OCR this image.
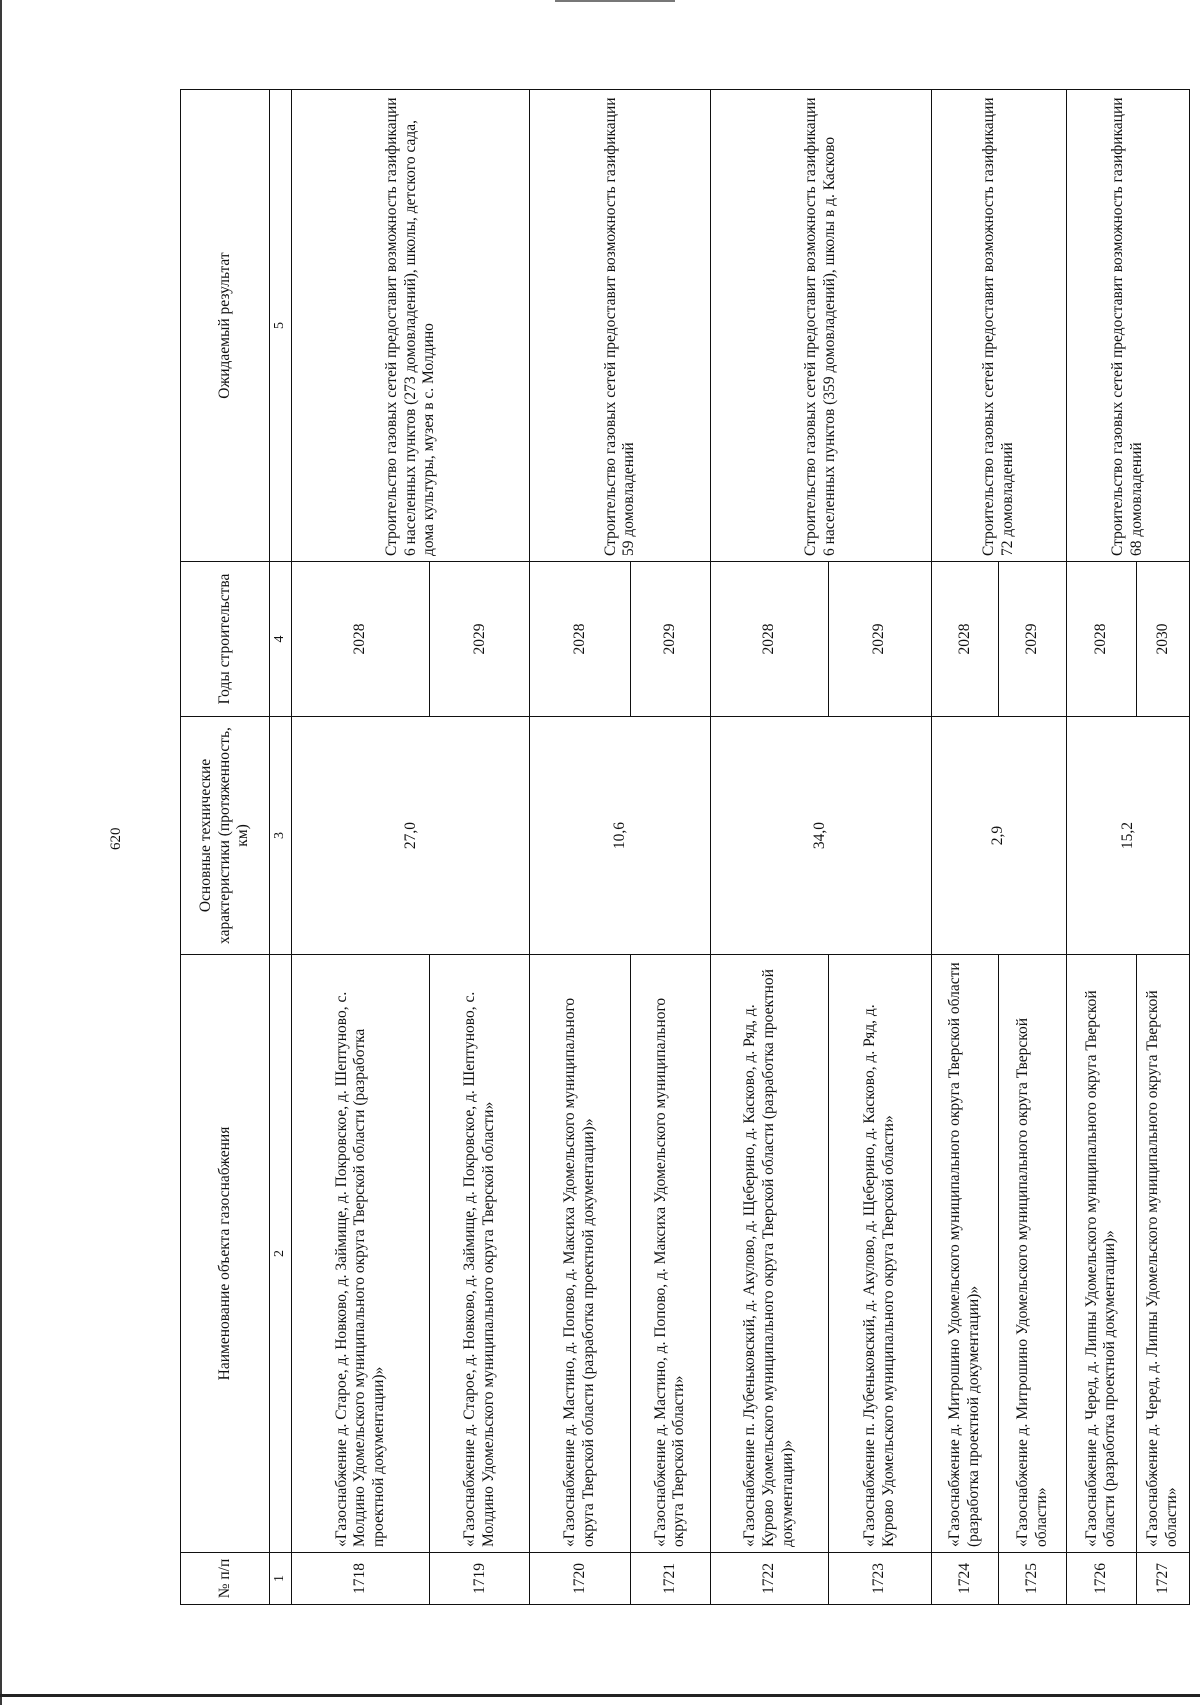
620
№ п/п	Наименование объекта газоснабжения	Основные технические характеристики (протяженность, км)	Годы строительства	Ожидаемый результат
1	2	3	4	5
1718	«Газоснабжение д. Старое, д. Новково, д. Займище, д. Покровское, д. Шептуново, с. Молдино Удомельского муниципального округа Тверской области (разработка проектной документации)»	27,0	2028	Строительство газовых сетей предоставит возможность газификации 6 населенных пунктов (273 домовладений), школы, детского сада, дома культуры, музея в с. Молдино
1719	«Газоснабжение д. Старое, д. Новково, д. Займище, д. Покровское, д. Шептуново, с. Молдино Удомельского муниципального округа Тверской области»		2029	
1720	«Газоснабжение д. Мастино, д. Попово, д. Максиха Удомельского муниципального округа Тверской области (разработка проектной документации)»	10,6	2028	Строительство газовых сетей предоставит возможность газификации 59 домовладений
1721	«Газоснабжение д. Мастино, д. Попово, д. Максиха Удомельского муниципального округа Тверской области»		2029	
1722	«Газоснабжение п. Лубеньковский, д. Акулово, д. Щеберино, д. Касково, д. Ряд, д. Курово Удомельского муниципального округа Тверской области (разработка проектной документации)»	34,0	2028	Строительство газовых сетей предоставит возможность газификации 6 населенных пунктов (359 домовладений), школы в д. Касково
1723	«Газоснабжение п. Лубеньковский, д. Акулово, д. Щеберино, д. Касково, д. Ряд, д. Курово Удомельского муниципального округа Тверской области»		2029	
1724	«Газоснабжение д. Митрошино Удомельского муниципального округа Тверской области (разработка проектной документации)»	2,9	2028	Строительство газовых сетей предоставит возможность газификации 72 домовладений
1725	«Газоснабжение д. Митрошино Удомельского муниципального округа Тверской области»		2029	
1726	«Газоснабжение д. Черед, д. Липны Удомельского муниципального округа Тверской области (разработка проектной документации)»	15,2	2028	Строительство газовых сетей предоставит возможность газификации 68 домовладений
1727	«Газоснабжение д. Черед, д. Липны Удомельского муниципального округа Тверской области»		2030	
